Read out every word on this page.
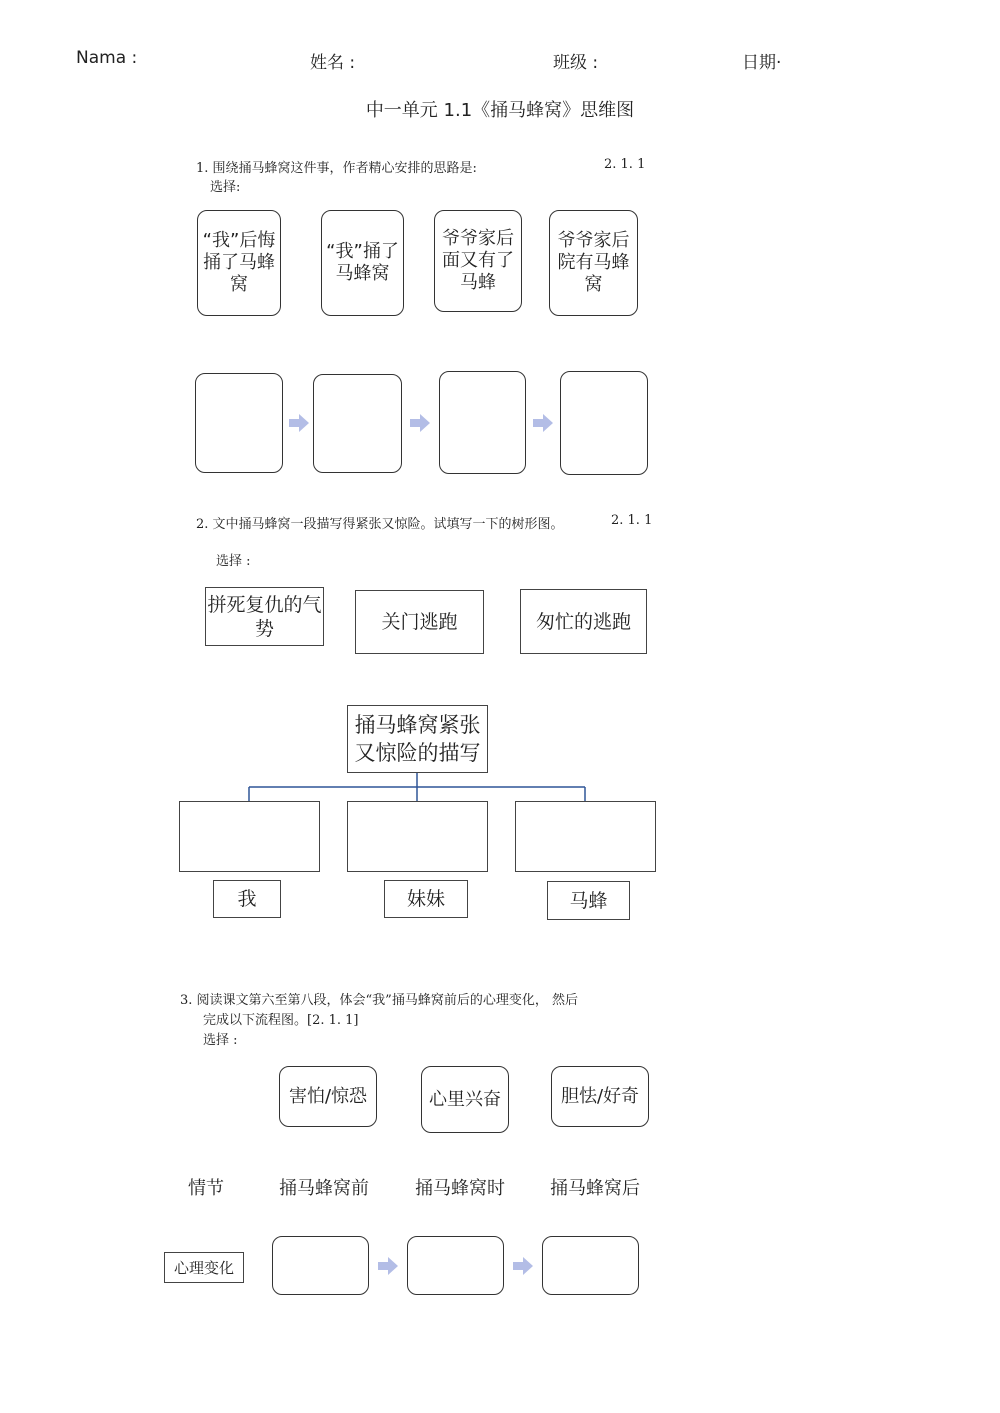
Nama :	姓名 :	班级 :	日期·
中一单元 1.1《捅马蜂窝》思维图
1. 围绕捅马蜂窝这件事，作者精心安排的思路是:	2. 1. 1
选择:
“我”后悔捅了马蜂窝
“我”捅了马蜂窝
爷爷家后面又有了马蜂
爷爷家后院有马蜂窝
2. 文中捅马蜂窝一段描写得紧张又惊险。试填写一下的树形图。	2. 1. 1
选择 :
拼死复仇的气势	关门逃跑	匆忙的逃跑
捅马蜂窝紧张又惊险的描写
我	妹妹	马蜂
3. 阅读课文第六至第八段，体会“我”捅马蜂窝前后的心理变化， 然后
完成以下流程图。[2. 1. 1]
选择 :
害怕/惊恐	心里兴奋	胆怯/好奇
情节	捅马蜂窝前	捅马蜂窝时	捅马蜂窝后
心理变化
